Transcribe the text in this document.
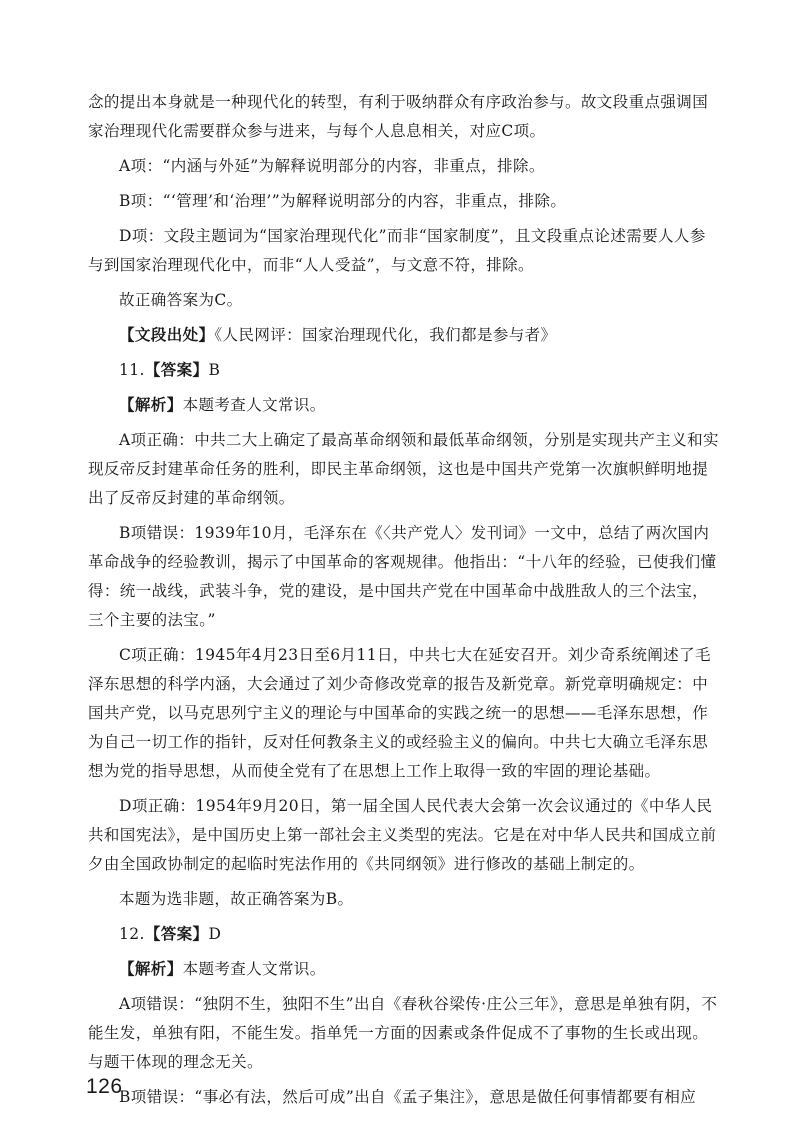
念的提出本身就是一种现代化的转型，有利于吸纳群众有序政治参与。故文段重点强调国家治理现代化需要群众参与进来，与每个人息息相关，对应C项。

A项：“内涵与外延”为解释说明部分的内容，非重点，排除。

B项：“‘管理’和‘治理’”为解释说明部分的内容，非重点，排除。

D项：文段主题词为“国家治理现代化”而非“国家制度”，且文段重点论述需要人人参与到国家治理现代化中，而非“人人受益”，与文意不符，排除。

故正确答案为C。

【文段出处】《人民网评：国家治理现代化，我们都是参与者》

11.【答案】B

【解析】本题考查人文常识。

A项正确：中共二大上确定了最高革命纲领和最低革命纲领，分别是实现共产主义和实现反帝反封建革命任务的胜利，即民主革命纲领，这也是中国共产党第一次旗帜鲜明地提出了反帝反封建的革命纲领。

B项错误：1939年10月，毛泽东在《〈共产党人〉发刊词》一文中，总结了两次国内革命战争的经验教训，揭示了中国革命的客观规律。他指出：“十八年的经验，已使我们懂得：统一战线，武装斗争，党的建设，是中国共产党在中国革命中战胜敌人的三个法宝，三个主要的法宝。”

C项正确：1945年4月23日至6月11日，中共七大在延安召开。刘少奇系统阐述了毛泽东思想的科学内涵，大会通过了刘少奇修改党章的报告及新党章。新党章明确规定：中国共产党，以马克思列宁主义的理论与中国革命的实践之统一的思想——毛泽东思想，作为自己一切工作的指针，反对任何教条主义的或经验主义的偏向。中共七大确立毛泽东思想为党的指导思想，从而使全党有了在思想上工作上取得一致的牢固的理论基础。

D项正确：1954年9月20日，第一届全国人民代表大会第一次会议通过的《中华人民共和国宪法》，是中国历史上第一部社会主义类型的宪法。它是在对中华人民共和国成立前夕由全国政协制定的起临时宪法作用的《共同纲领》进行修改的基础上制定的。

本题为选非题，故正确答案为B。

12.【答案】D

【解析】本题考查人文常识。

A项错误：“独阴不生，独阳不生”出自《春秋谷梁传·庄公三年》，意思是单独有阴，不能生发，单独有阳，不能生发。指单凭一方面的因素或条件促成不了事物的生长或出现。与题干体现的理念无关。

B项错误：“事必有法，然后可成”出自《孟子集注》，意思是做任何事情都要有相应

126
